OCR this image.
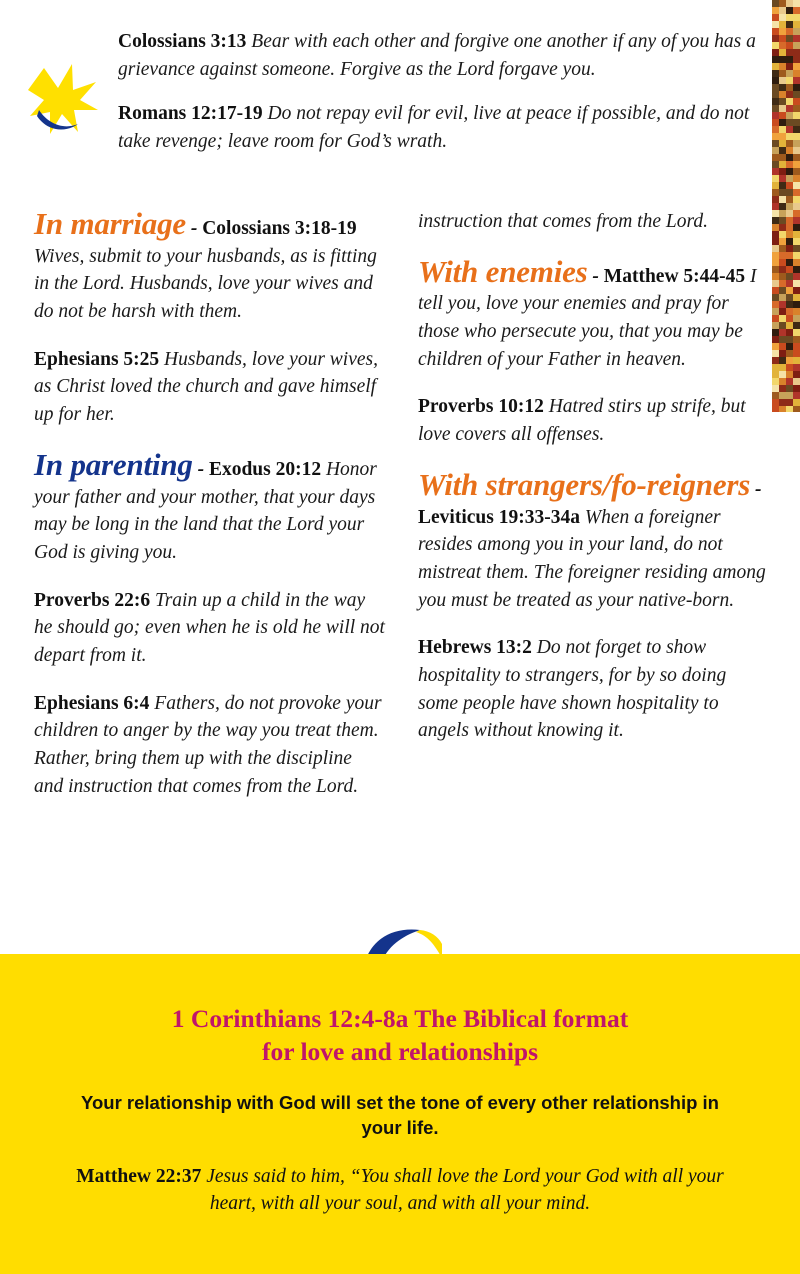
Colossians 3:13 Bear with each other and forgive one another if any of you has a grievance against someone. Forgive as the Lord forgave you.

Romans 12:17-19 Do not repay evil for evil, live at peace if possible, and do not take revenge; leave room for God’s wrath.

In marriage - Colossians 3:18-19 Wives, submit to your husbands, as is fitting in the Lord. Husbands, love your wives and do not be harsh with them.
Ephesians 5:25 Husbands, love your wives, as Christ loved the church and gave himself up for her.
In parenting - Exodus 20:12 Honor your father and your mother, that your days may be long in the land that the Lord your God is giving you.
Proverbs 22:6 Train up a child in the way he should go; even when he is old he will not depart from it.
Ephesians 6:4 Fathers, do not provoke your children to anger by the way you treat them. Rather, bring them up with the discipline and instruction that comes from the Lord.
instruction that comes from the Lord.
With enemies - Matthew 5:44-45 I tell you, love your enemies and pray for those who persecute you, that you may be children of your Father in heaven.
Proverbs 10:12 Hatred stirs up strife, but love covers all offenses.
With strangers/fo-reigners - Leviticus 19:33-34a When a foreigner resides among you in your land, do not mistreat them. The foreigner residing among you must be treated as your native-born.
Hebrews 13:2 Do not forget to show hospitality to strangers, for by so doing some people have shown hospitality to angels without knowing it.
1 Corinthians 12:4-8a The Biblical format
for love and relationships
Your relationship with God will set the tone of every other relationship in your life.
Matthew 22:37 Jesus said to him, “You shall love the Lord your God with all your heart, with all your soul, and with all your mind.
